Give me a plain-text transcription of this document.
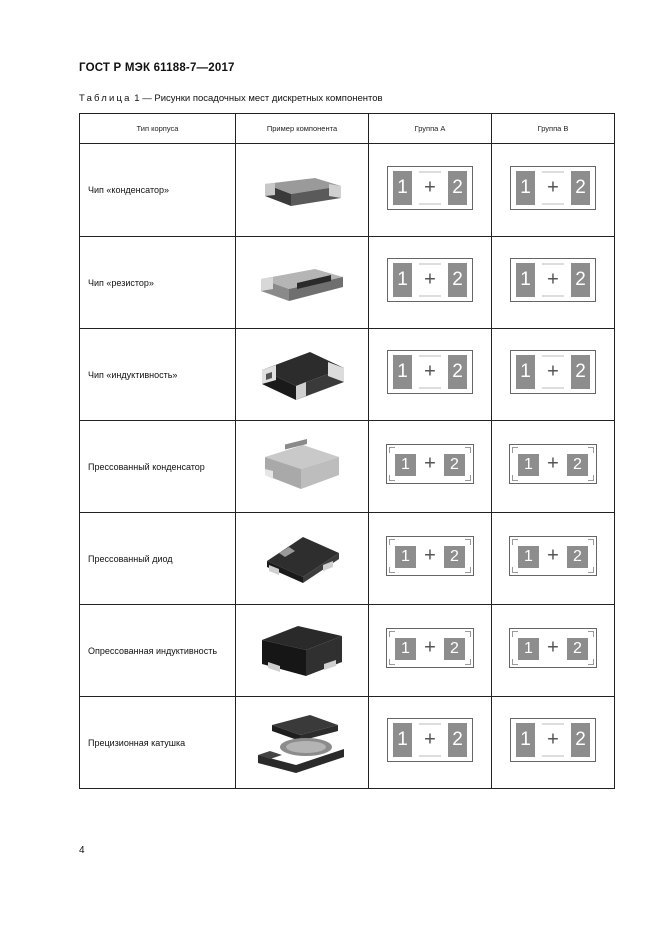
ГОСТ Р МЭК 61188-7—2017
Таблица 1 — Рисунки посадочных мест дискретных компонентов
Тип корпуса	Пример компонента	Группа А	Группа В
Чип «конденсатор»		1 + 2	1 + 2

Чип «резистор»		1 + 2	1 + 2

Чип «индуктивность»		1 + 2	1 + 2

Прессованный конденсатор		1 + 2	1 + 2

Прессованный диод		1 + 2	1 + 2

Опрессованная индуктивность		1 + 2	1 + 2

Прецизионная катушка		1 + 2	1 + 2
4
